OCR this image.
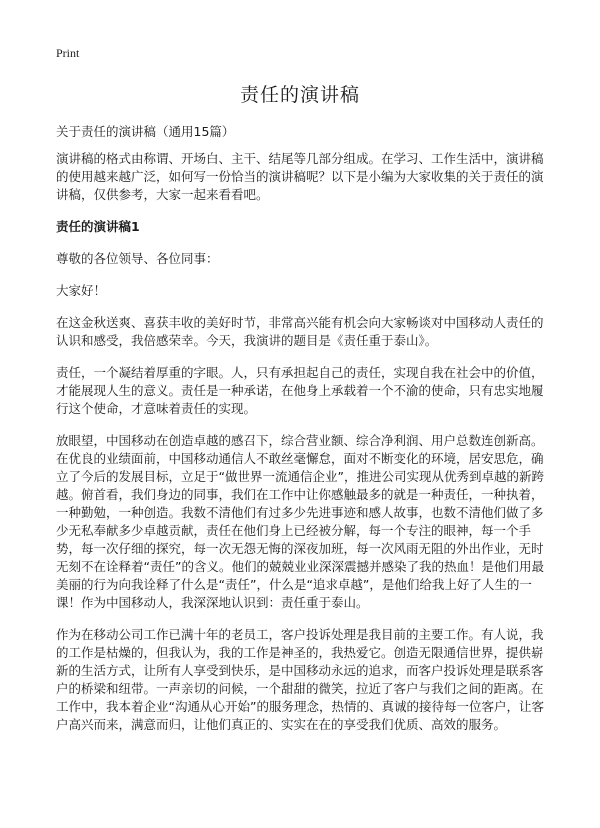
Print
责任的演讲稿
关于责任的演讲稿（通用15篇）

演讲稿的格式由称谓、开场白、主干、结尾等几部分组成。在学习、工作生活中，演讲稿的使用越来越广泛，如何写一份恰当的演讲稿呢？以下是小编为大家收集的关于责任的演讲稿，仅供参考，大家一起来看看吧。

责任的演讲稿1

尊敬的各位领导、各位同事：

大家好！

在这金秋送爽、喜获丰收的美好时节，非常高兴能有机会向大家畅谈对中国移动人责任的认识和感受，我倍感荣幸。今天，我演讲的题目是《责任重于泰山》。

责任，一个凝结着厚重的字眼。人，只有承担起自己的责任，实现自我在社会中的价值，才能展现人生的意义。责任是一种承诺，在他身上承载着一个不渝的使命，只有忠实地履行这个使命，才意味着责任的实现。

放眼望，中国移动在创造卓越的感召下，综合营业额、综合净利润、用户总数连创新高。在优良的业绩面前，中国移动通信人不敢丝毫懈怠，面对不断变化的环境，居安思危，确立了今后的发展目标，立足于“做世界一流通信企业”，推进公司实现从优秀到卓越的新跨越。俯首看，我们身边的同事，我们在工作中让你感触最多的就是一种责任，一种执着，一种勤勉，一种创造。我数不清他们有过多少先进事迹和感人故事，也数不清他们做了多少无私奉献多少卓越贡献，责任在他们身上已经被分解，每一个专注的眼神，每一个手势，每一次仔细的探究，每一次无怨无悔的深夜加班，每一次风雨无阻的外出作业，无时无刻不在诠释着“责任”的含义。他们的兢兢业业深深震撼并感染了我的热血！是他们用最美丽的行为向我诠释了什么是“责任”，什么是“追求卓越”，是他们给我上好了人生的一课！作为中国移动人，我深深地认识到：责任重于泰山。

作为在移动公司工作已满十年的老员工，客户投诉处理是我目前的主要工作。有人说，我的工作是枯燥的，但我认为，我的工作是神圣的，我热爱它。创造无限通信世界，提供崭新的生活方式，让所有人享受到快乐，是中国移动永远的追求，而客户投诉处理是联系客户的桥梁和纽带。一声亲切的问候，一个甜甜的微笑，拉近了客户与我们之间的距离。在工作中，我本着企业“沟通从心开始”的服务理念，热情的、真诚的接待每一位客户，让客户高兴而来，满意而归，让他们真正的、实实在在的享受我们优质、高效的服务。
